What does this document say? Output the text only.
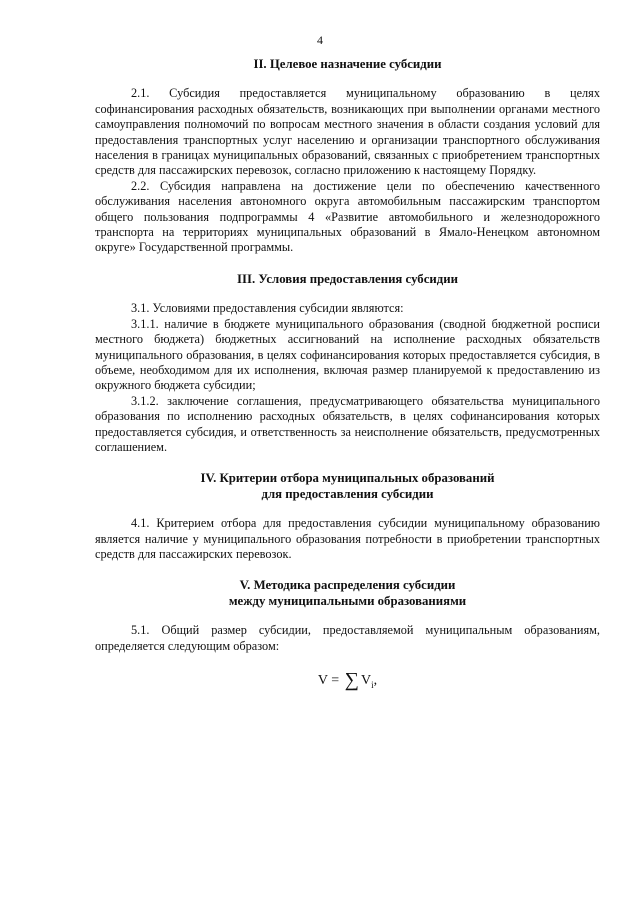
4
II. Целевое назначение субсидии

2.1. Субсидия предоставляется муниципальному образованию в целях софинансирования расходных обязательств, возникающих при выполнении органами местного самоуправления полномочий по вопросам местного значения в области создания условий для предоставления транспортных услуг населению и организации транспортного обслуживания населения в границах муниципальных образований, связанных с приобретением транспортных средств для пассажирских перевозок, согласно приложению к настоящему Порядку.

2.2. Субсидия направлена на достижение цели по обеспечению качественного обслуживания населения автономного округа автомобильным пассажирским транспортом общего пользования подпрограммы 4 «Развитие автомобильного и железнодорожного транспорта на территориях муниципальных образований в Ямало-Ненецком автономном округе» Государственной программы.

III. Условия предоставления субсидии

3.1. Условиями предоставления субсидии являются:

3.1.1. наличие в бюджете муниципального образования (сводной бюджетной росписи местного бюджета) бюджетных ассигнований на исполнение расходных обязательств муниципального образования, в целях софинансирования которых предоставляется субсидия, в объеме, необходимом для их исполнения, включая размер планируемой к предоставлению из окружного бюджета субсидии;

3.1.2. заключение соглашения, предусматривающего обязательства муниципального образования по исполнению расходных обязательств, в целях софинансирования которых предоставляется субсидия, и ответственность за неисполнение обязательств, предусмотренных соглашением.

IV. Критерии отбора муниципальных образований
для предоставления субсидии

4.1. Критерием отбора для предоставления субсидии муниципальному образованию является наличие у муниципального образования потребности в приобретении транспортных средств для пассажирских перевозок.

V. Методика распределения субсидии
между муниципальными образованиями

5.1. Общий размер субсидии, предоставляемой муниципальным образованиям, определяется следующим образом:

V = ∑ $V_i$,
